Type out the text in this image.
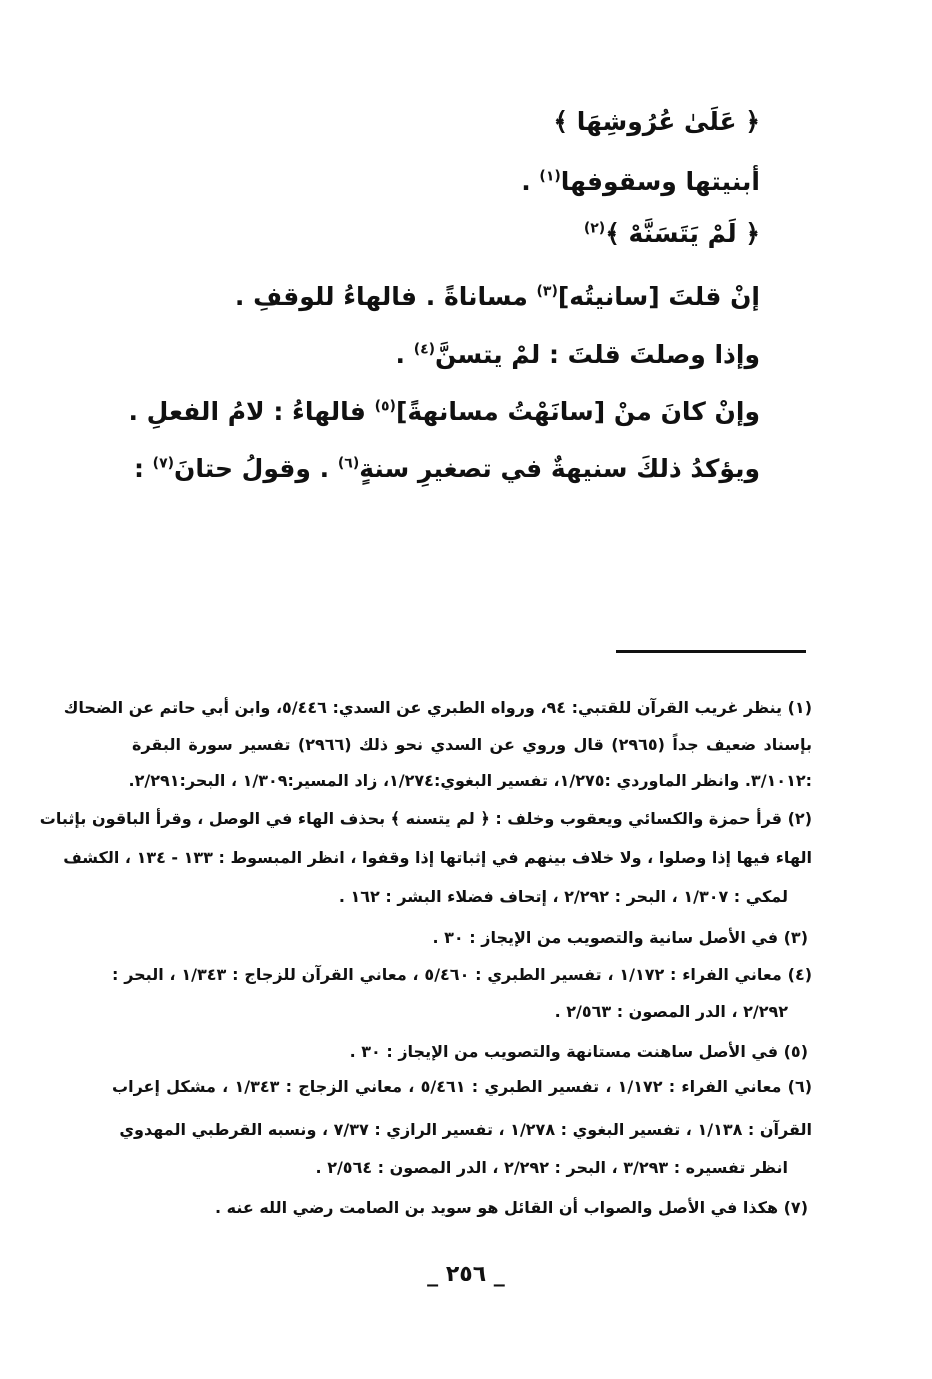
﴿ عَلَىٰ عُرُوشِهَا ﴾
أبنيتها وسقوفها$^{(١)}$ .
﴿ لَمْ يَتَسَنَّهْ ﴾$^{(٢)}$
إنْ قلتَ [سانيتُه]$^{(٣)}$ مساناةً . فالهاءُ للوقفِ .
وإذا وصلتَ قلتَ : لمْ يتسنَّ$^{(٤)}$ .
وإنْ كانَ منْ [سانَهْتُ مسانهةً]$^{(٥)}$ فالهاءُ : لامُ الفعلِ .
ويؤكدُ ذلكَ سنيهةٌ في تصغيرِ سنةٍ$^{(٦)}$ . وقولُ حتانَ$^{(٧)}$ :
(١) ينظر غريب القرآن للقتبي: ٩٤، ورواه الطبري عن السدي: ٥/٤٤٦، وابن أبي حاتم عن الضحاك
بإسناد ضعيف جداً (٢٩٦٥) قال وروي عن السدي نحو ذلك (٢٩٦٦) تفسير سورة البقرة
:٣/١٠١٢. وانظر الماوردي :١/٢٧٥، تفسير البغوي:١/٢٧٤، زاد المسير:١/٣٠٩ ، البحر:٢/٢٩١.
(٢) قرأ حمزة والكسائي ويعقوب وخلف : ﴿ لم يتسنه ﴾ بحذف الهاء في الوصل ، وقرأ الباقون بإثبات
الهاء فيها إذا وصلوا ، ولا خلاف بينهم في إثباتها إذا وقفوا ، انظر المبسوط : ١٣٣ - ١٣٤ ، الكشف
لمكي : ١/٣٠٧ ، البحر : ٢/٢٩٢ ، إتحاف فضلاء البشر : ١٦٢ .
(٣) في الأصل سانية والتصويب من الإيجاز : ٣٠ .
(٤) معاني الفراء : ١/١٧٢ ، تفسير الطبري : ٥/٤٦٠ ، معاني القرآن للزجاج : ١/٣٤٣ ، البحر :
٢/٢٩٢ ، الدر المصون : ٢/٥٦٣ .
(٥) في الأصل ساهنت مستانهة والتصويب من الإيجاز : ٣٠ .
(٦) معاني الفراء : ١/١٧٢ ، تفسير الطبري : ٥/٤٦١ ، معاني الزجاج : ١/٣٤٣ ، مشكل إعراب
القرآن : ١/١٣٨ ، تفسير البغوي : ١/٢٧٨ ، تفسير الرازي : ٧/٣٧ ، ونسبه القرطبي المهدوي
انظر تفسيره : ٣/٢٩٣ ، البحر : ٢/٢٩٢ ، الدر المصون : ٢/٥٦٤ .
(٧) هكذا في الأصل والصواب أن القائل هو سويد بن الصامت رضي الله عنه .
_ ٢٥٦ _
